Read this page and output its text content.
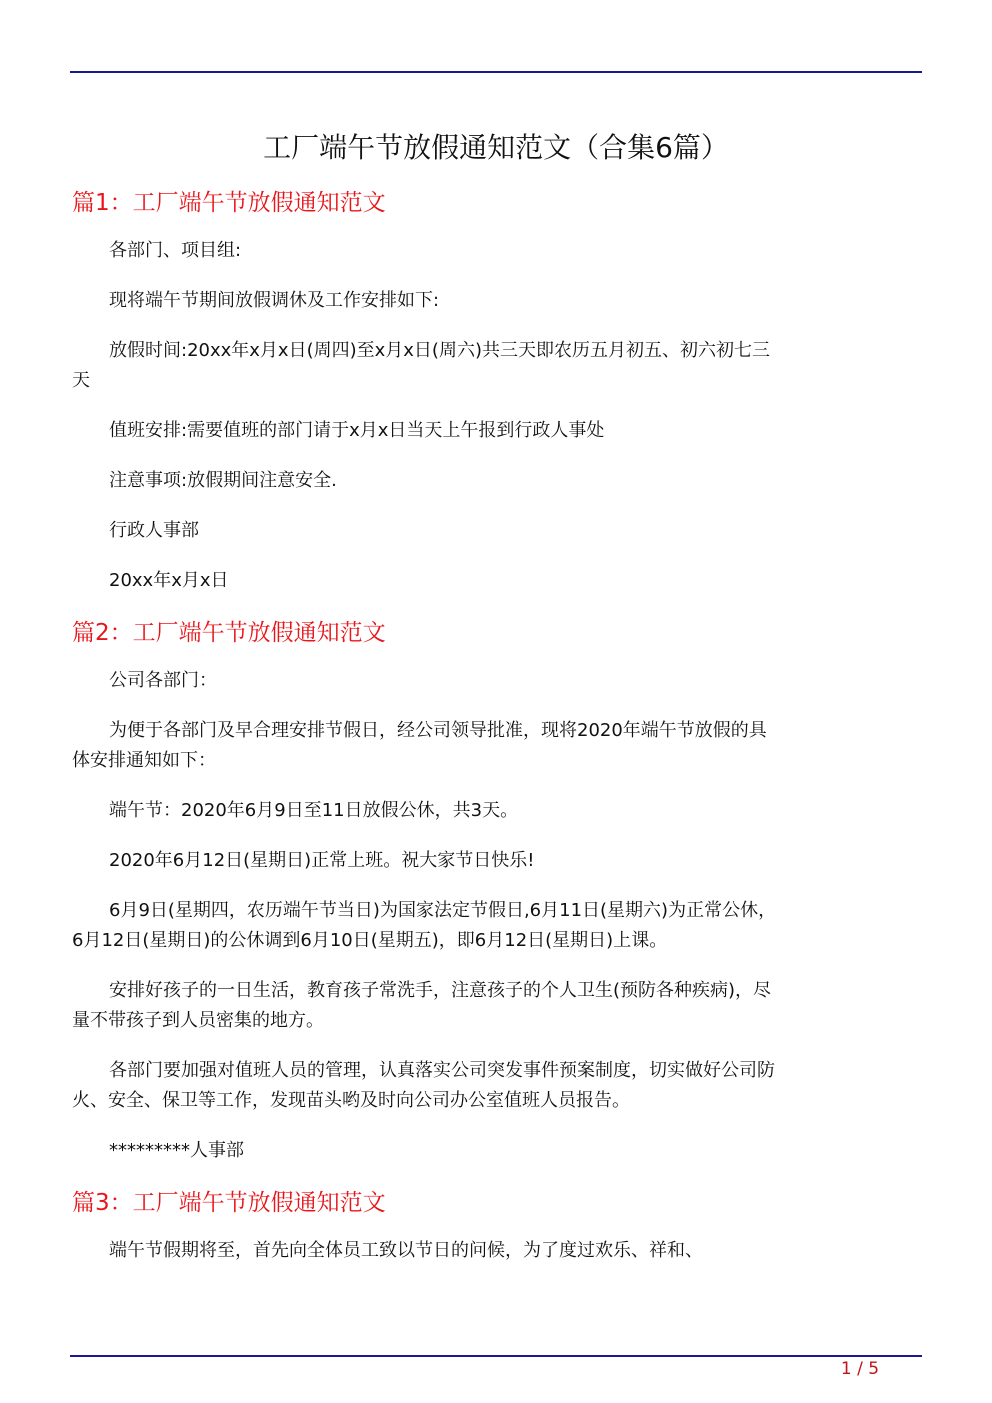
工厂端午节放假通知范文（合集6篇）
篇1：工厂端午节放假通知范文

各部门、项目组:

现将端午节期间放假调休及工作安排如下:

放假时间:20xx年x月x日(周四)至x月x日(周六)共三天即农历五月初五、初六初七三天

值班安排:需要值班的部门请于x月x日当天上午报到行政人事处

注意事项:放假期间注意安全.

行政人事部

20xx年x月x日

篇2：工厂端午节放假通知范文

公司各部门：

为便于各部门及早合理安排节假日，经公司领导批准，现将2020年端午节放假的具体安排通知如下：

端午节：2020年6月9日至11日放假公休，共3天。

2020年6月12日(星期日)正常上班。祝大家节日快乐!

6月9日(星期四，农历端午节当日)为国家法定节假日,6月11日(星期六)为正常公休，6月12日(星期日)的公休调到6月10日(星期五)，即6月12日(星期日)上课。

安排好孩子的一日生活，教育孩子常洗手，注意孩子的个人卫生(预防各种疾病)，尽量不带孩子到人员密集的地方。

各部门要加强对值班人员的管理，认真落实公司突发事件预案制度，切实做好公司防火、安全、保卫等工作，发现苗头哟及时向公司办公室值班人员报告。

*********人事部

篇3：工厂端午节放假通知范文

端午节假期将至，首先向全体员工致以节日的问候，为了度过欢乐、祥和、

1 / 5
